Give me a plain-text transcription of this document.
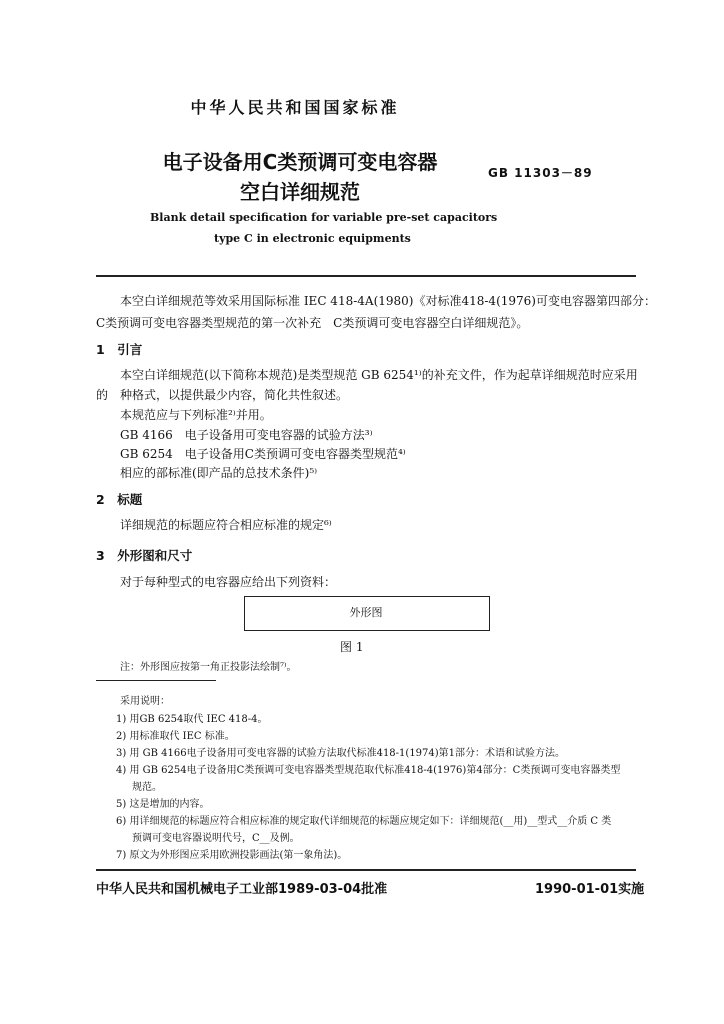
中华人民共和国国家标准
电子设备用C类预调可变电容器
空白详细规范
GB 11303－89
Blank detail specification for variable pre-set capacitors
type C in electronic equipments
本空白详细规范等效采用国际标准 IEC 418-4A(1980)《对标准418-4(1976)可变电容器第四部分：
C类预调可变电容器类型规范的第一次补充　C类预调可变电容器空白详细规范》。
1　引言
本空白详细规范(以下简称本规范)是类型规范 GB 6254¹⁾的补充文件，作为起草详细规范时应采用
的　种格式，以提供最少内容，简化共性叙述。
本规范应与下列标准²⁾并用。
GB 4166　电子设备用可变电容器的试验方法³⁾
GB 6254　电子设备用C类预调可变电容器类型规范⁴⁾
相应的部标准(即产品的总技术条件)⁵⁾
2　标题
详细规范的标题应符合相应标准的规定⁶⁾
3　外形图和尺寸
对于每种型式的电容器应给出下列资料：
外形图
图 1
注：外形图应按第一角正投影法绘制⁷⁾。
采用说明：
1) 用GB 6254取代 IEC 418-4。
2) 用标准取代 IEC 标准。
3) 用 GB 4166电子设备用可变电容器的试验方法取代标准418-1(1974)第1部分：术语和试验方法。
4) 用 GB 6254电子设备用C类预调可变电容器类型规范取代标准418-4(1976)第4部分：C类预调可变电容器类型
规范。
5) 这是增加的内容。
6) 用详细规范的标题应符合相应标准的规定取代详细规范的标题应规定如下：详细规范(__用)__型式__介质 C 类
预调可变电容器说明代号，C__及例。
7) 原文为外形图应采用欧洲投影画法(第一象角法)。
中华人民共和国机械电子工业部1989-03-04批准	1990-01-01实施
